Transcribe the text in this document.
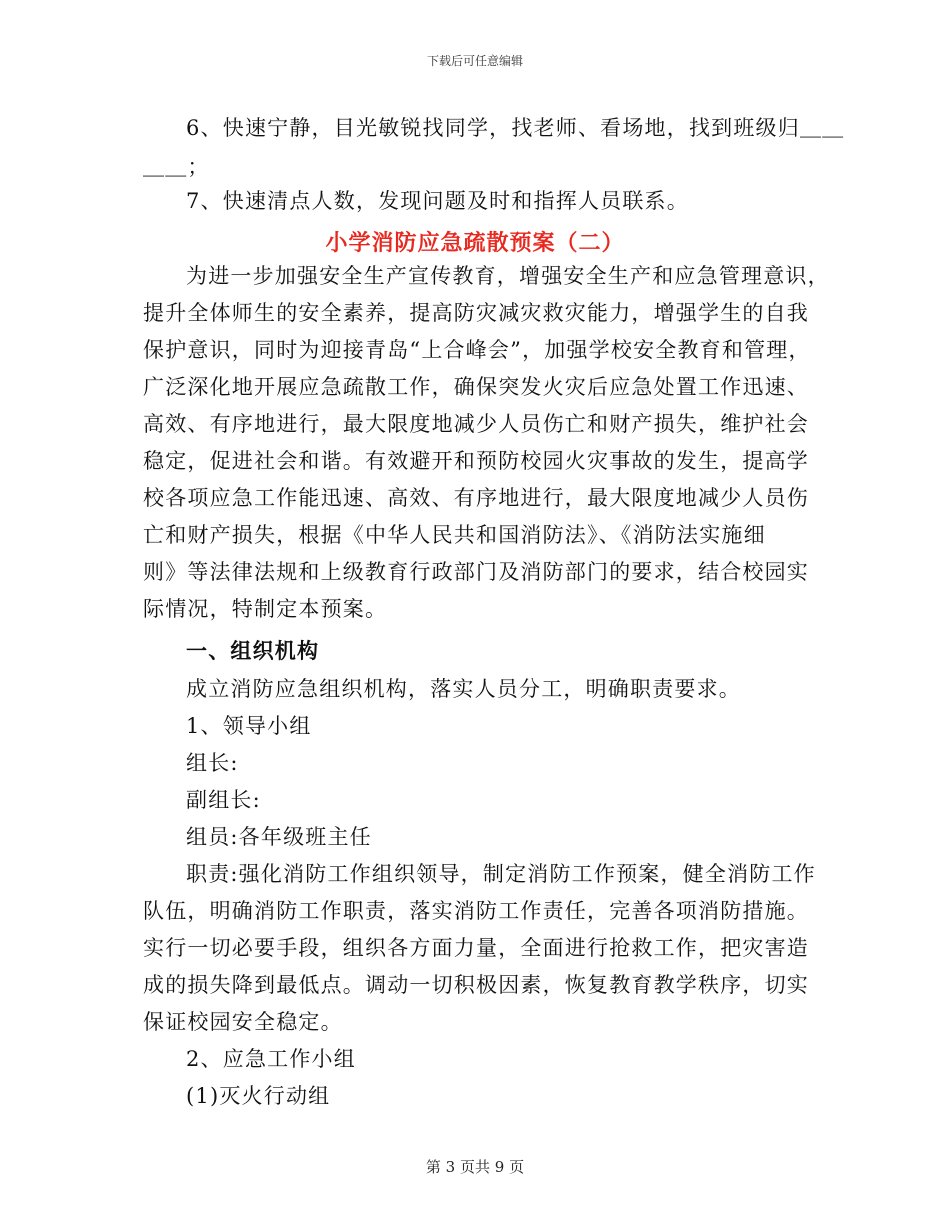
下载后可任意编辑
6、快速宁静，目光敏锐找同学，找老师、看场地，找到班级归＿＿
＿＿；
7、快速清点人数，发现问题及时和指挥人员联系。
小学消防应急疏散预案（二）
为进一步加强安全生产宣传教育，增强安全生产和应急管理意识，
提升全体师生的安全素养，提高防灾减灾救灾能力，增强学生的自我
保护意识，同时为迎接青岛“上合峰会”，加强学校安全教育和管理，
广泛深化地开展应急疏散工作，确保突发火灾后应急处置工作迅速、
高效、有序地进行，最大限度地减少人员伤亡和财产损失，维护社会
稳定，促进社会和谐。有效避开和预防校园火灾事故的发生，提高学
校各项应急工作能迅速、高效、有序地进行，最大限度地减少人员伤
亡和财产损失，根据《中华人民共和国消防法》、《消防法实施细
则》等法律法规和上级教育行政部门及消防部门的要求，结合校园实
际情况，特制定本预案。
一、组织机构
成立消防应急组织机构，落实人员分工，明确职责要求。
1、领导小组
组长:
副组长:
组员:各年级班主任
职责:强化消防工作组织领导，制定消防工作预案，健全消防工作
队伍，明确消防工作职责，落实消防工作责任，完善各项消防措施。
实行一切必要手段，组织各方面力量，全面进行抢救工作，把灾害造
成的损失降到最低点。调动一切积极因素，恢复教育教学秩序，切实
保证校园安全稳定。
2、应急工作小组
(1)灭火行动组
第 3 页共 9 页
